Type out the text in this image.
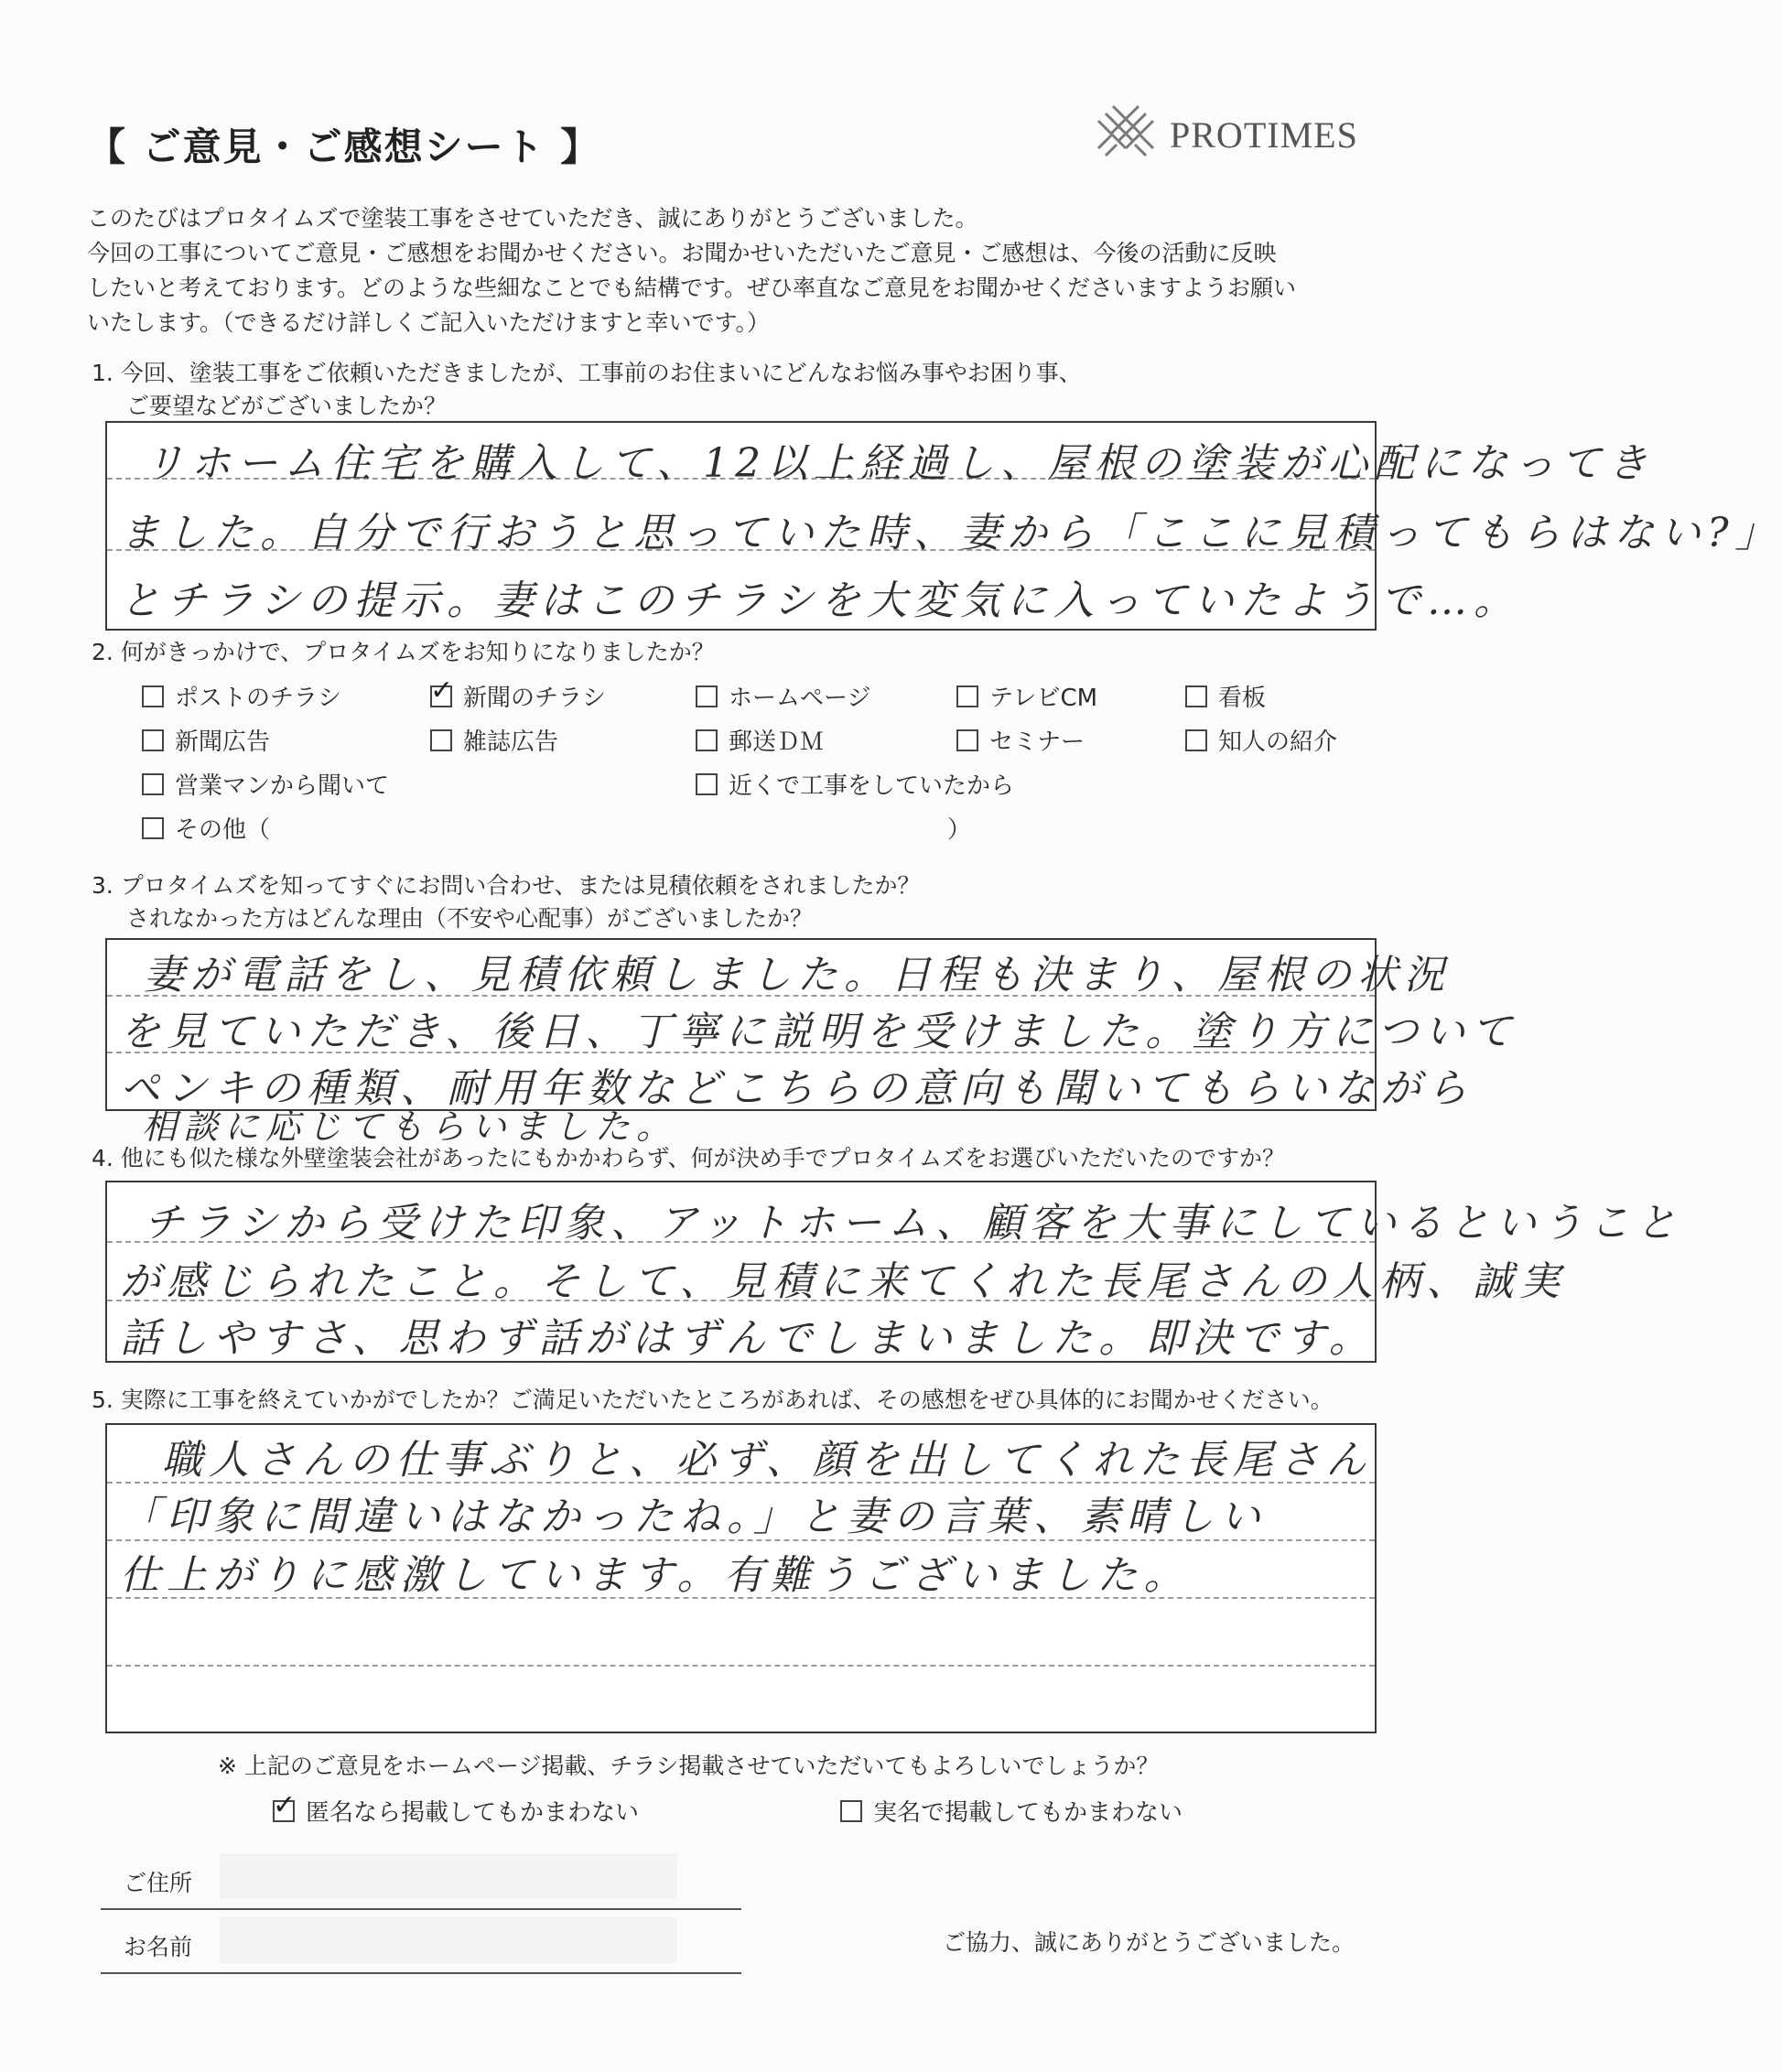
【 ご意見・ご感想シート 】	PROTIMES
このたびはプロタイムズで塗装工事をさせていただき、誠にありがとうございました。
今回の工事についてご意見・ご感想をお聞かせください。お聞かせいただいたご意見・ご感想は、今後の活動に反映
したいと考えております。どのような些細なことでも結構です。ぜひ率直なご意見をお聞かせくださいますようお願い
いたします。（できるだけ詳しくご記入いただけますと幸いです。）
1. 今回、塗装工事をご依頼いただきましたが、工事前のお住まいにどんなお悩み事やお困り事、
ご要望などがございましたか？
リホーム住宅を購入して、12以上経過し、屋根の塗装が心配になってき
ました。自分で行おうと思っていた時、妻から「ここに見積ってもらはない?」
とチラシの提示。妻はこのチラシを大変気に入っていたようで…。
2. 何がきっかけで、プロタイムズをお知りになりましたか？
ポストのチラシ
✓	新聞のチラシ	ホームページ	テレビCM	看板
新聞広告	雑誌広告	郵送ＤＭ	セミナー	知人の紹介
営業マンから聞いて	近くで工事をしていたから
その他（	）
3. プロタイムズを知ってすぐにお問い合わせ、または見積依頼をされましたか？
されなかった方はどんな理由（不安や心配事）がございましたか？
妻が電話をし、見積依頼しました。日程も決まり、屋根の状況
を見ていただき、後日、丁寧に説明を受けました。塗り方について
ペンキの種類、耐用年数などこちらの意向も聞いてもらいながら
相談に応じてもらいました。
4. 他にも似た様な外壁塗装会社があったにもかかわらず、何が決め手でプロタイムズをお選びいただいたのですか？
チラシから受けた印象、アットホーム、顧客を大事にしているということ
が感じられたこと。そして、見積に来てくれた長尾さんの人柄、誠実
話しやすさ、思わず話がはずんでしまいました。即決です。
5. 実際に工事を終えていかがでしたか？ご満足いただいたところがあれば、その感想をぜひ具体的にお聞かせください。
職人さんの仕事ぶりと、必ず、顔を出してくれた長尾さん
「印象に間違いはなかったね。」と妻の言葉、素晴しい
仕上がりに感激しています。有難うございました。
※ 上記のご意見をホームページ掲載、チラシ掲載させていただいてもよろしいでしょうか？
✓
匿名なら掲載してもかまわない	実名で掲載してもかまわない
ご住所
お名前	ご協力、誠にありがとうございました。
